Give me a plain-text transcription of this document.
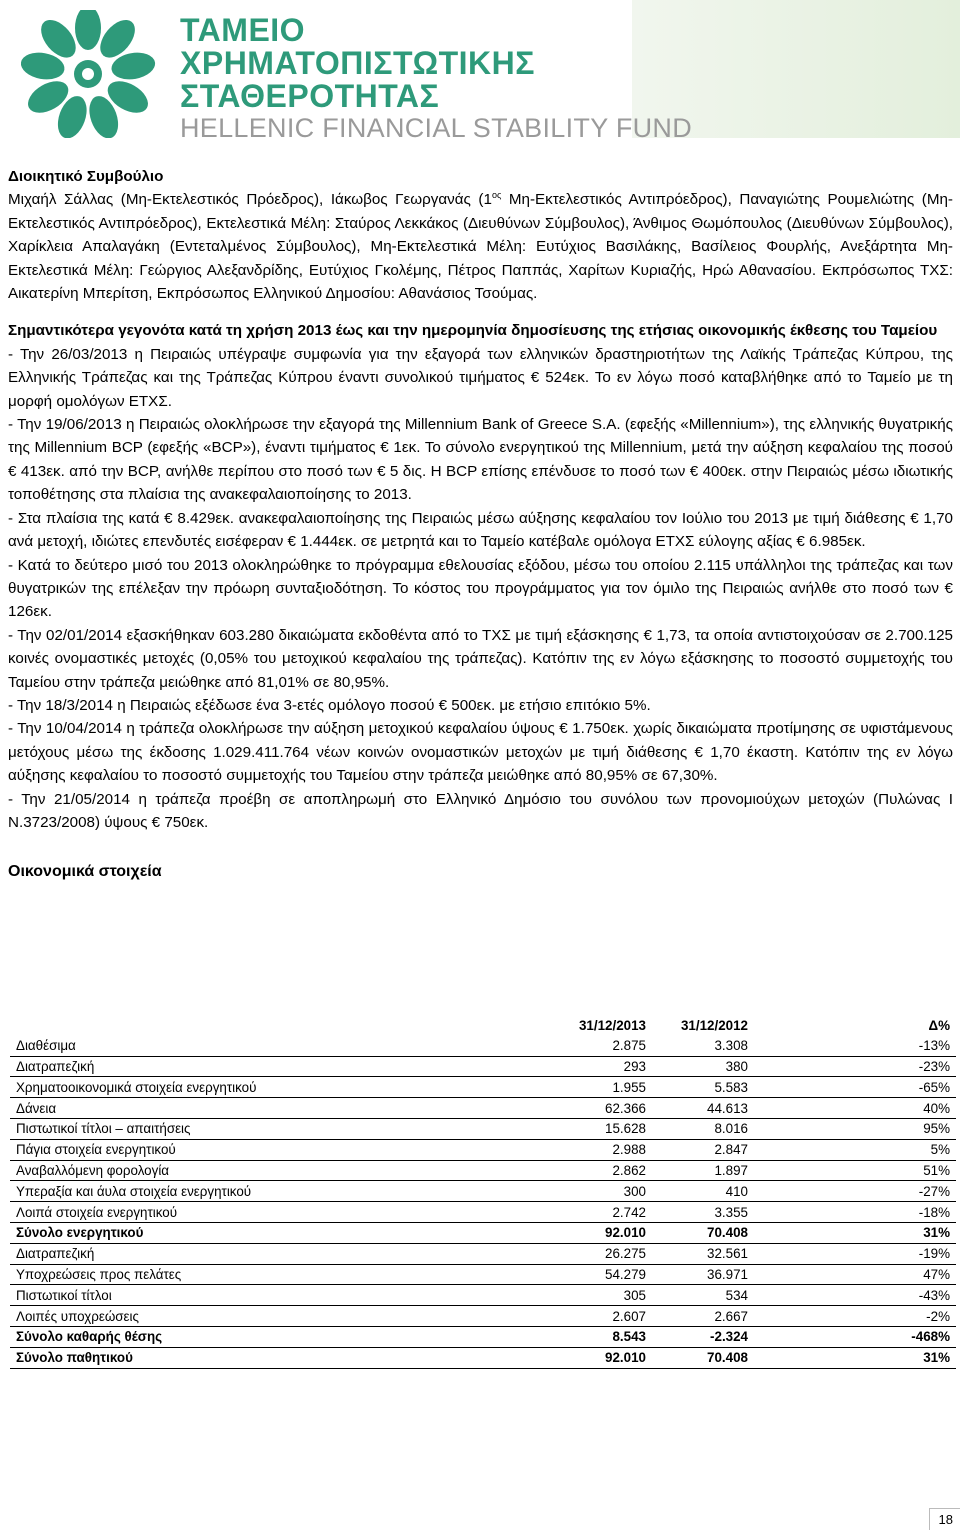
ΤΑΜΕΙΟ
ΧΡΗΜΑΤΟΠΙΣΤΩΤΙΚΗΣ
ΣΤΑΘΕΡΟΤΗΤΑΣ
HELLENIC FINANCIAL STABILITY FUND
Διοικητικό Συμβούλιο

Μιχαήλ Σάλλας (Μη-Εκτελεστικός Πρόεδρος), Ιάκωβος Γεωργανάς ($1^{o\varsigma}$ Μη-Εκτελεστικός Αντιπρόεδρος), Παναγιώτης Ρουμελιώτης (Μη-Εκτελεστικός Αντιπρόεδρος), Εκτελεστικά Μέλη: Σταύρος Λεκκάκος (Διευθύνων Σύμβουλος), Άνθιμος Θωμόπουλος (Διευθύνων Σύμβουλος), Χαρίκλεια Απαλαγάκη (Εντεταλμένος Σύμβουλος), Μη-Εκτελεστικά Μέλη: Ευτύχιος Βασιλάκης, Βασίλειος Φουρλής, Ανεξάρτητα Μη-Εκτελεστικά Μέλη: Γεώργιος Αλεξανδρίδης, Ευτύχιος Γκολέμης, Πέτρος Παππάς, Χαρίτων Κυριαζής, Ηρώ Αθανασίου. Εκπρόσωπος ΤΧΣ: Αικατερίνη Μπερίτση, Εκπρόσωπος Ελληνικού Δημοσίου: Αθανάσιος Τσούμας.

Σημαντικότερα γεγονότα κατά τη χρήση 2013 έως και την ημερομηνία δημοσίευσης της ετήσιας οικονομικής έκθεσης του Ταμείου

- Την 26/03/2013 η Πειραιώς υπέγραψε συμφωνία για την εξαγορά των ελληνικών δραστηριοτήτων της Λαϊκής Τράπεζας Κύπρου, της Ελληνικής Τράπεζας και της Τράπεζας Κύπρου έναντι συνολικού τιμήματος € 524εκ. Το εν λόγω ποσό καταβλήθηκε από το Ταμείο με τη μορφή ομολόγων ΕΤΧΣ.

- Την 19/06/2013 η Πειραιώς ολοκλήρωσε την εξαγορά της Millennium Bank of Greece S.A. (εφεξής «Millennium»), της ελληνικής θυγατρικής της Millennium BCP (εφεξής «BCP»), έναντι τιμήματος € 1εκ. Το σύνολο ενεργητικού της Millennium, μετά την αύξηση κεφαλαίου της ποσού € 413εκ. από την BCP, ανήλθε περίπου στο ποσό των € 5 δις. Η BCP επίσης επένδυσε το ποσό των € 400εκ. στην Πειραιώς μέσω ιδιωτικής τοποθέτησης στα πλαίσια της ανακεφαλαιοποίησης το 2013.

- Στα πλαίσια της κατά € 8.429εκ. ανακεφαλαιοποίησης της Πειραιώς μέσω αύξησης κεφαλαίου τον Ιούλιο του 2013 με τιμή διάθεσης € 1,70 ανά μετοχή, ιδιώτες επενδυτές εισέφεραν € 1.444εκ. σε μετρητά και το Ταμείο κατέβαλε ομόλογα ΕΤΧΣ εύλογης αξίας € 6.985εκ.

- Κατά το δεύτερο μισό του 2013 ολοκληρώθηκε το πρόγραμμα εθελουσίας εξόδου, μέσω του οποίου 2.115 υπάλληλοι της τράπεζας και των θυγατρικών της επέλεξαν την πρόωρη συνταξιοδότηση. Το κόστος του προγράμματος για τον όμιλο της Πειραιώς ανήλθε στο ποσό των € 126εκ.

- Την 02/01/2014 εξασκήθηκαν 603.280 δικαιώματα εκδοθέντα από το ΤΧΣ με τιμή εξάσκησης € 1,73, τα οποία αντιστοιχούσαν σε 2.700.125 κοινές ονομαστικές μετοχές (0,05% του μετοχικού κεφαλαίου της τράπεζας). Κατόπιν της εν λόγω εξάσκησης το ποσοστό συμμετοχής του Ταμείου στην τράπεζα μειώθηκε από 81,01% σε 80,95%.

- Την 18/3/2014 η Πειραιώς εξέδωσε ένα 3-ετές ομόλογο ποσού € 500εκ. με ετήσιο επιτόκιο 5%.

- Την 10/04/2014 η τράπεζα ολοκλήρωσε την αύξηση μετοχικού κεφαλαίου ύψους € 1.750εκ. χωρίς δικαιώματα προτίμησης σε υφιστάμενους μετόχους μέσω της έκδοσης 1.029.411.764 νέων κοινών ονομαστικών μετοχών με τιμή διάθεσης € 1,70 έκαστη. Κατόπιν της εν λόγω αύξησης κεφαλαίου το ποσοστό συμμετοχής του Ταμείου στην τράπεζα μειώθηκε από 80,95% σε 67,30%.

- Την 21/05/2014 η τράπεζα προέβη σε αποπληρωμή στο Ελληνικό Δημόσιο του συνόλου των προνομιούχων μετοχών (Πυλώνας Ι Ν.3723/2008) ύψους € 750εκ.

Οικονομικά στοιχεία
	31/12/2013	31/12/2012	Δ%
Διαθέσιμα	2.875	3.308	-13%
Διατραπεζική	293	380	-23%
Χρηματοοικονομικά στοιχεία ενεργητικού	1.955	5.583	-65%
Δάνεια	62.366	44.613	40%
Πιστωτικοί τίτλοι – απαιτήσεις	15.628	8.016	95%
Πάγια στοιχεία ενεργητικού	2.988	2.847	5%
Αναβαλλόμενη φορολογία	2.862	1.897	51%
Υπεραξία και άυλα στοιχεία ενεργητικού	300	410	-27%
Λοιπά στοιχεία ενεργητικού	2.742	3.355	-18%
Σύνολο ενεργητικού	92.010	70.408	31%
Διατραπεζική	26.275	32.561	-19%
Υποχρεώσεις προς πελάτες	54.279	36.971	47%
Πιστωτικοί τίτλοι	305	534	-43%
Λοιπές υποχρεώσεις	2.607	2.667	-2%
Σύνολο καθαρής θέσης	8.543	-2.324	-468%
Σύνολο παθητικού	92.010	70.408	31%
18
